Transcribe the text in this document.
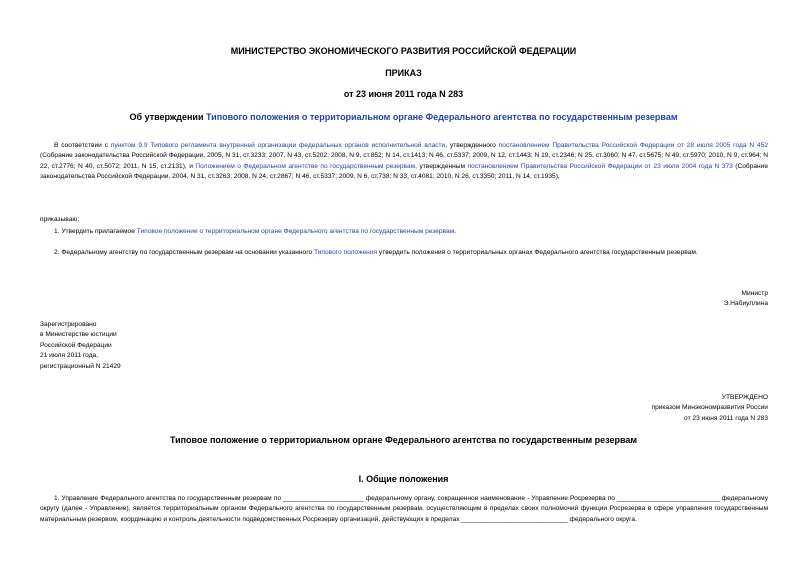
МИНИСТЕРСТВО ЭКОНОМИЧЕСКОГО РАЗВИТИЯ РОССИЙСКОЙ ФЕДЕРАЦИИ
ПРИКАЗ
от 23 июня 2011 года N 283
Об утверждении Типового положения о территориальном органе Федерального агентства по государственным резервам
В соответствии с пунктом 9.9 Типового регламента внутренней организации федеральных органов исполнительной власти, утвержденного постановлением Правительства Российской Федерации от 28 июля 2005 года N 452 (Собрание законодательства Российской Федерации, 2005, N 31, ст.3233; 2007, N 43, ст.5202; 2008, N 9, ст.852; N 14, ст.1413; N 46, ст.5337; 2009, N 12, ст.1443; N 19, ст.2346; N 25, ст.3060; N 47, ст.5675; N 49, ст.5970; 2010, N 9, ст.964; N 22, ст.2776; N 40, ст.5072; 2011, N 15, ст.2131), и Положением о Федеральном агентстве по государственным резервам, утвержденным постановлением Правительства Российской Федерации от 23 июля 2004 года N 373 (Собрание законодательства Российской Федерации, 2004, N 31, ст.3263; 2008, N 24, ст.2867; N 46, ст.5337; 2009, N 6, ст.738; N 33, ст.4081; 2010, N 26, ст.3350; 2011, N 14, ст.1935),
приказываю:
1. Утвердить прилагаемое Типовое положение о территориальном органе Федерального агентства по государственным резервам.
2. Федеральному агентству по государственным резервам на основании указанного Типового положения утвердить положения о территориальных органах Федерального агентства государственным резервам.
Министр
Э.Набиуллина
Зарегистрировано
в Министерстве юстиции
Российской Федерации
21 июля 2011 года,
регистрационный N 21429
УТВЕРЖДЕНО
приказом Минэкономразвития России
от 23 июня 2011 года N 283
Типовое положение о территориальном органе Федерального агентства по государственным резервам
I. Общие положения
1. Управление Федерального агентства по государственным резервам по ______________________ федеральному органу, сокращенное наименование - Управление Росрезерва по ____________________________ федеральному округу (далее - Управление), является территориальным органом Федерального агентства по государственным резервам, осуществляющим в пределах своих полномочий функции Росрезерва в сфере управления государственным материальным резервом, координацию и контроль деятельности подведомственных Росрезерву организаций, действующих в пределах _____________________________ федерального округа.
